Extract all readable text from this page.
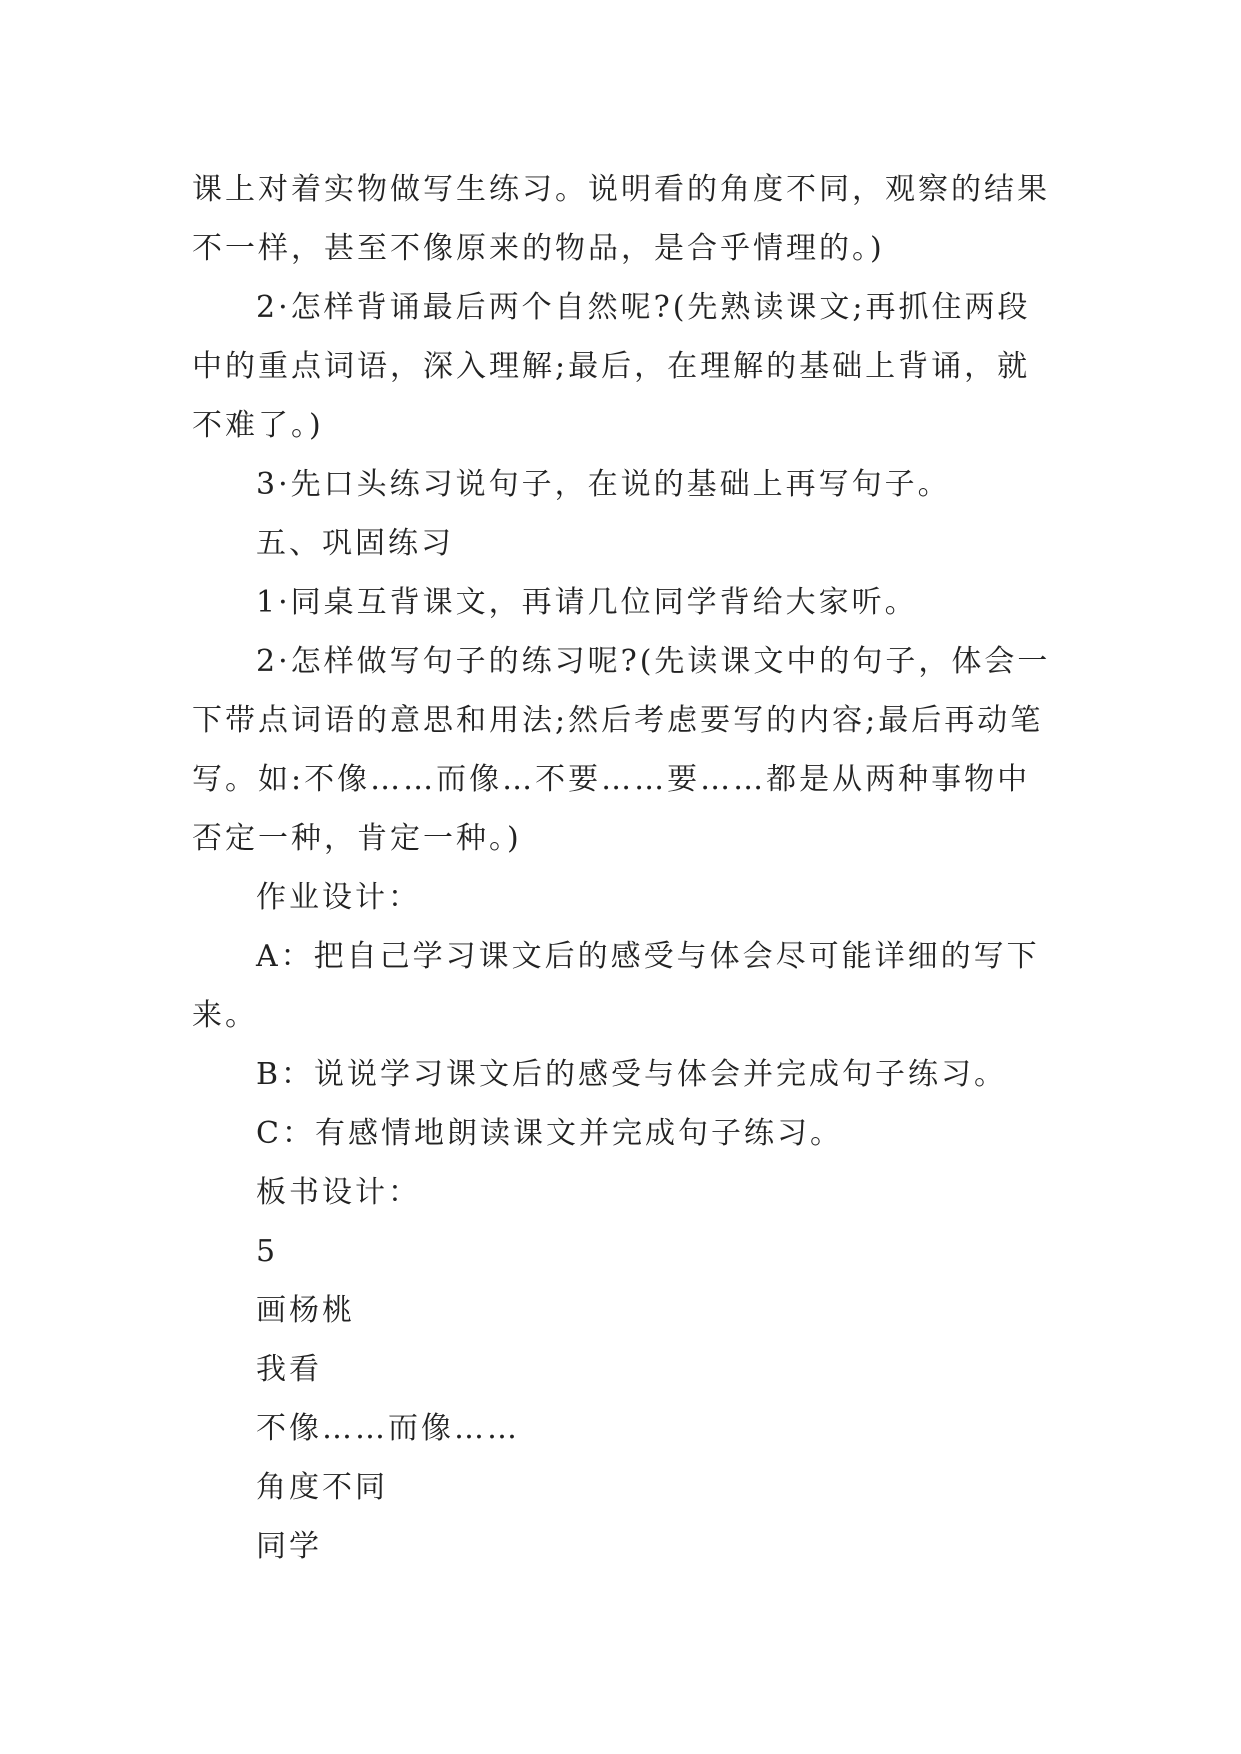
课上对着实物做写生练习。说明看的角度不同，观察的结果不一样，甚至不像原来的物品，是合乎情理的。)

2·怎样背诵最后两个自然呢?(先熟读课文;再抓住两段中的重点词语，深入理解;最后，在理解的基础上背诵，就不难了。)

3·先口头练习说句子，在说的基础上再写句子。

五、巩固练习

1·同桌互背课文，再请几位同学背给大家听。

2·怎样做写句子的练习呢?(先读课文中的句子，体会一下带点词语的意思和用法;然后考虑要写的内容;最后再动笔写。如:不像……而像…不要……要……都是从两种事物中否定一种，肯定一种。)

作业设计：

A：把自己学习课文后的感受与体会尽可能详细的写下来。

B：说说学习课文后的感受与体会并完成句子练习。

C：有感情地朗读课文并完成句子练习。

板书设计：

5

画杨桃

我看

不像……而像……

角度不同

同学
